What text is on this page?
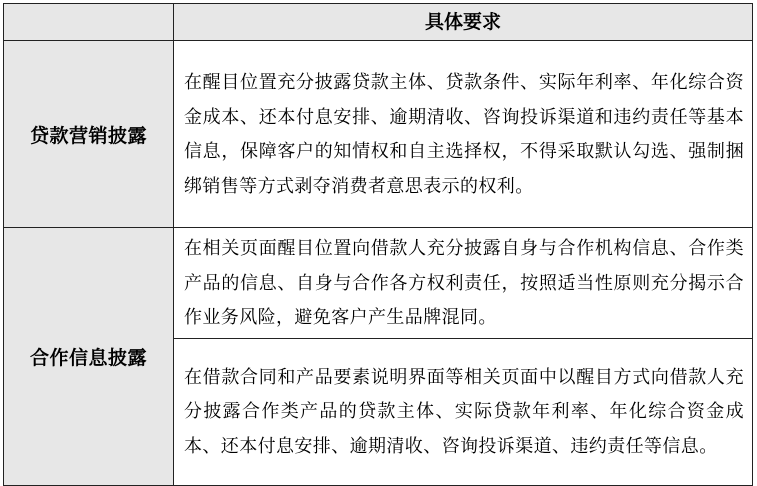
	具体要求

贷款营销披露	在醒目位置充分披露贷款主体、贷款条件、实际年利率、年化综合资金成本、还本付息安排、逾期清收、咨询投诉渠道和违约责任等基本信息，保障客户的知情权和自主选择权，不得采取默认勾选、强制捆绑销售等方式剥夺消费者意思表示的权利。
合作信息披露	在相关页面醒目位置向借款人充分披露自身与合作机构信息、合作类产品的信息、自身与合作各方权利责任，按照适当性原则充分揭示合作业务风险，避免客户产生品牌混同。
	在借款合同和产品要素说明界面等相关页面中以醒目方式向借款人充分披露合作类产品的贷款主体、实际贷款年利率、年化综合资金成本、还本付息安排、逾期清收、咨询投诉渠道、违约责任等信息。
